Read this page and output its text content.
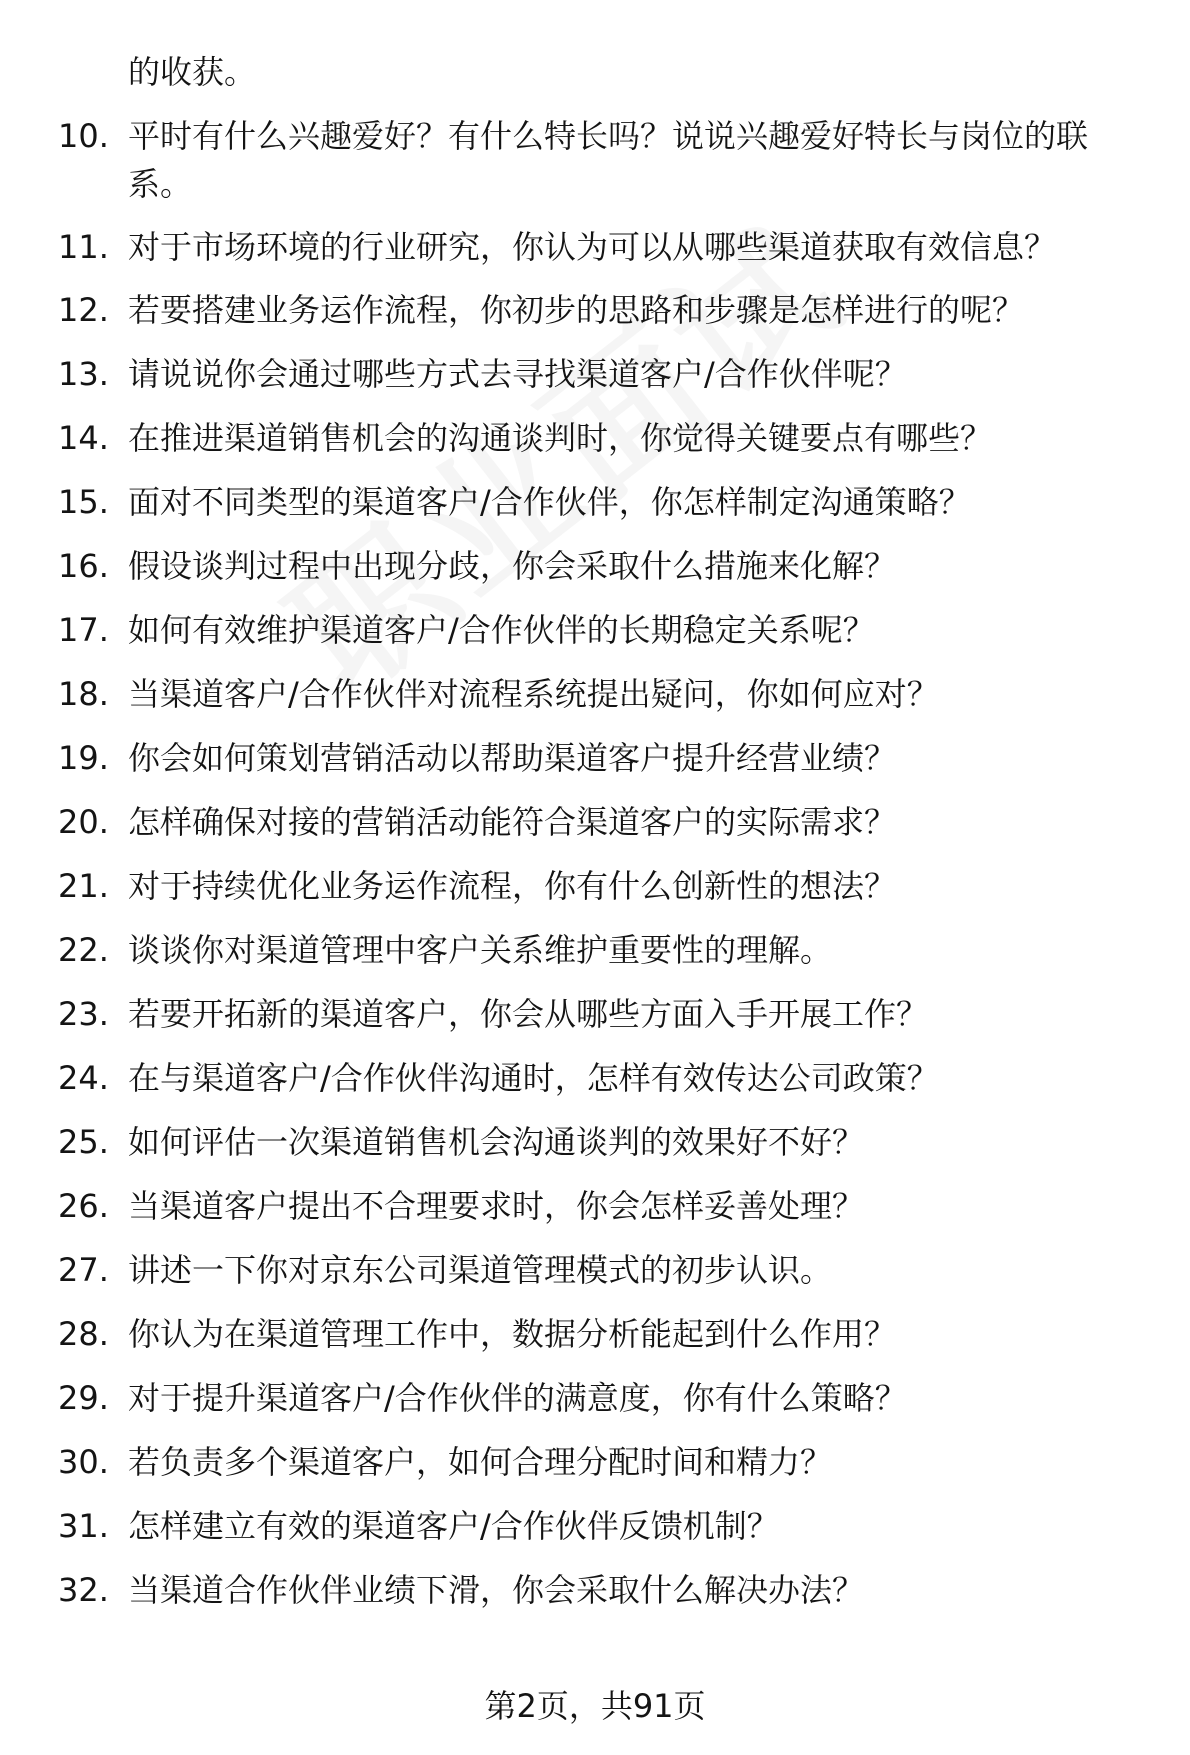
的收获。

10. 平时有什么兴趣爱好？有什么特长吗？说说兴趣爱好特长与岗位的联系。
11. 对于市场环境的行业研究，你认为可以从哪些渠道获取有效信息？
12. 若要搭建业务运作流程，你初步的思路和步骤是怎样进行的呢？
13. 请说说你会通过哪些方式去寻找渠道客户/合作伙伴呢？
14. 在推进渠道销售机会的沟通谈判时，你觉得关键要点有哪些？
15. 面对不同类型的渠道客户/合作伙伴，你怎样制定沟通策略？
16. 假设谈判过程中出现分歧，你会采取什么措施来化解？
17. 如何有效维护渠道客户/合作伙伴的长期稳定关系呢？
18. 当渠道客户/合作伙伴对流程系统提出疑问，你如何应对？
19. 你会如何策划营销活动以帮助渠道客户提升经营业绩？
20. 怎样确保对接的营销活动能符合渠道客户的实际需求？
21. 对于持续优化业务运作流程，你有什么创新性的想法？
22. 谈谈你对渠道管理中客户关系维护重要性的理解。
23. 若要开拓新的渠道客户，你会从哪些方面入手开展工作？
24. 在与渠道客户/合作伙伴沟通时，怎样有效传达公司政策？
25. 如何评估一次渠道销售机会沟通谈判的效果好不好？
26. 当渠道客户提出不合理要求时，你会怎样妥善处理？
27. 讲述一下你对京东公司渠道管理模式的初步认识。
28. 你认为在渠道管理工作中，数据分析能起到什么作用？
29. 对于提升渠道客户/合作伙伴的满意度，你有什么策略？
30. 若负责多个渠道客户，如何合理分配时间和精力？
31. 怎样建立有效的渠道客户/合作伙伴反馈机制？
32. 当渠道合作伙伴业绩下滑，你会采取什么解决办法？
第2页，共91页
